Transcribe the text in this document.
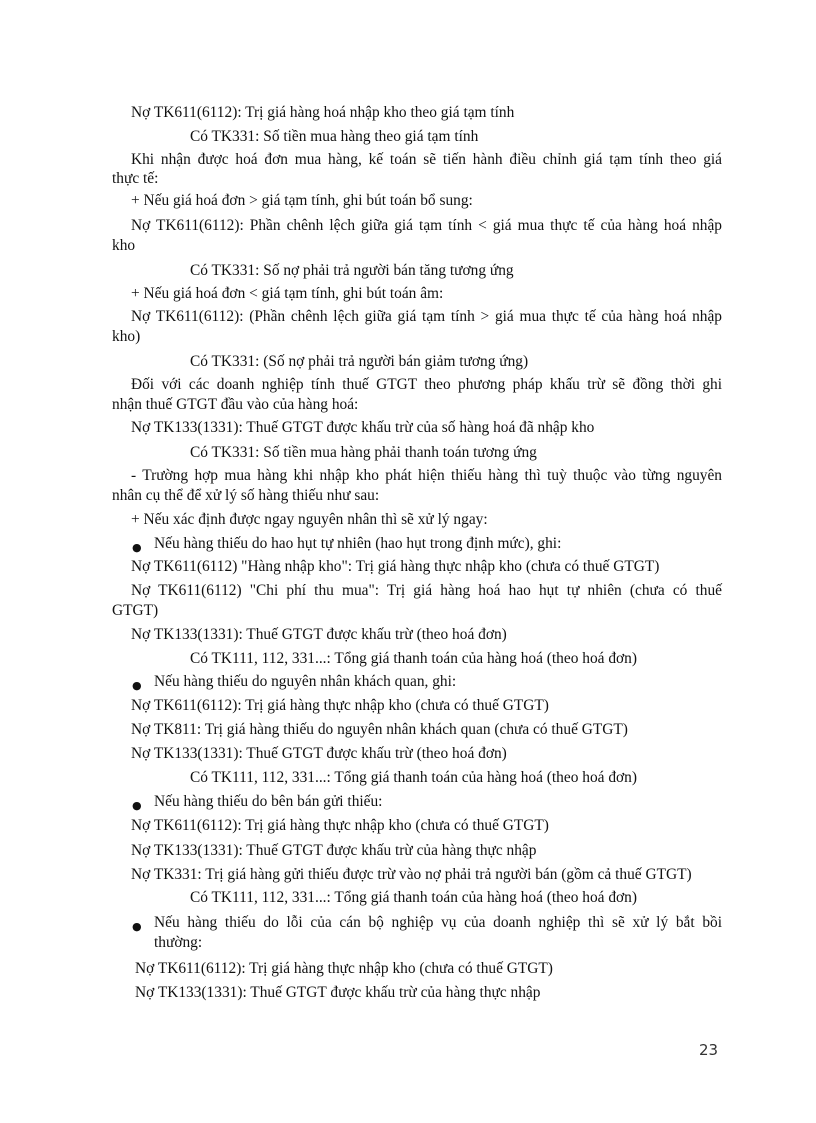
Nợ TK611(6112): Trị giá hàng hoá nhập kho theo giá tạm tính
Có TK331: Số tiền mua hàng theo giá tạm tính
Khi nhận được hoá đơn mua hàng, kế toán sẽ tiến hành điều chỉnh giá tạm tính theo giá
thực tế:
+ Nếu giá hoá đơn > giá tạm tính, ghi bút toán bổ sung:
Nợ TK611(6112): Phần chênh lệch giữa giá tạm tính < giá mua thực tế của hàng hoá nhập
kho
Có TK331: Số nợ phải trả người bán tăng tương ứng
+ Nếu giá hoá đơn < giá tạm tính, ghi bút toán âm:
Nợ TK611(6112): (Phần chênh lệch giữa giá tạm tính > giá mua thực tế của hàng hoá nhập
kho)
Có TK331: (Số nợ phải trả người bán giảm tương ứng)
Đối với các doanh nghiệp tính thuế GTGT theo phương pháp khấu trừ sẽ đồng thời ghi
nhận thuế GTGT đầu vào của hàng hoá:
Nợ TK133(1331): Thuế GTGT được khấu trừ của số hàng hoá đã nhập kho
Có TK331: Số tiền mua hàng phải thanh toán tương ứng
- Trường hợp mua hàng khi nhập kho phát hiện thiếu hàng thì tuỳ thuộc vào từng nguyên
nhân cụ thể để xử lý số hàng thiếu như sau:
+ Nếu xác định được ngay nguyên nhân thì sẽ xử lý ngay:
● Nếu hàng thiếu do hao hụt tự nhiên (hao hụt trong định mức), ghi:
Nợ TK611(6112) "Hàng nhập kho": Trị giá hàng thực nhập kho (chưa có thuế GTGT)
Nợ TK611(6112) "Chi phí thu mua": Trị giá hàng hoá hao hụt tự nhiên (chưa có thuế
GTGT)
Nợ TK133(1331): Thuế GTGT được khấu trừ (theo hoá đơn)
Có TK111, 112, 331...: Tổng giá thanh toán của hàng hoá (theo hoá đơn)
● Nếu hàng thiếu do nguyên nhân khách quan, ghi:
Nợ TK611(6112): Trị giá hàng thực nhập kho (chưa có thuế GTGT)
Nợ TK811: Trị giá hàng thiếu do nguyên nhân khách quan (chưa có thuế GTGT)
Nợ TK133(1331): Thuế GTGT được khấu trừ (theo hoá đơn)
Có TK111, 112, 331...: Tổng giá thanh toán của hàng hoá (theo hoá đơn)
● Nếu hàng thiếu do bên bán gửi thiếu:
Nợ TK611(6112): Trị giá hàng thực nhập kho (chưa có thuế GTGT)
Nợ TK133(1331): Thuế GTGT được khấu trừ của hàng thực nhập
Nợ TK331: Trị giá hàng gửi thiếu được trừ vào nợ phải trả người bán (gồm cả thuế GTGT)
Có TK111, 112, 331...: Tổng giá thanh toán của hàng hoá (theo hoá đơn)
● Nếu hàng thiếu do lỗi của cán bộ nghiệp vụ của doanh nghiệp thì sẽ xử lý bắt bồi
thường:
Nợ TK611(6112): Trị giá hàng thực nhập kho (chưa có thuế GTGT)
Nợ TK133(1331): Thuế GTGT được khấu trừ của hàng thực nhập
23
